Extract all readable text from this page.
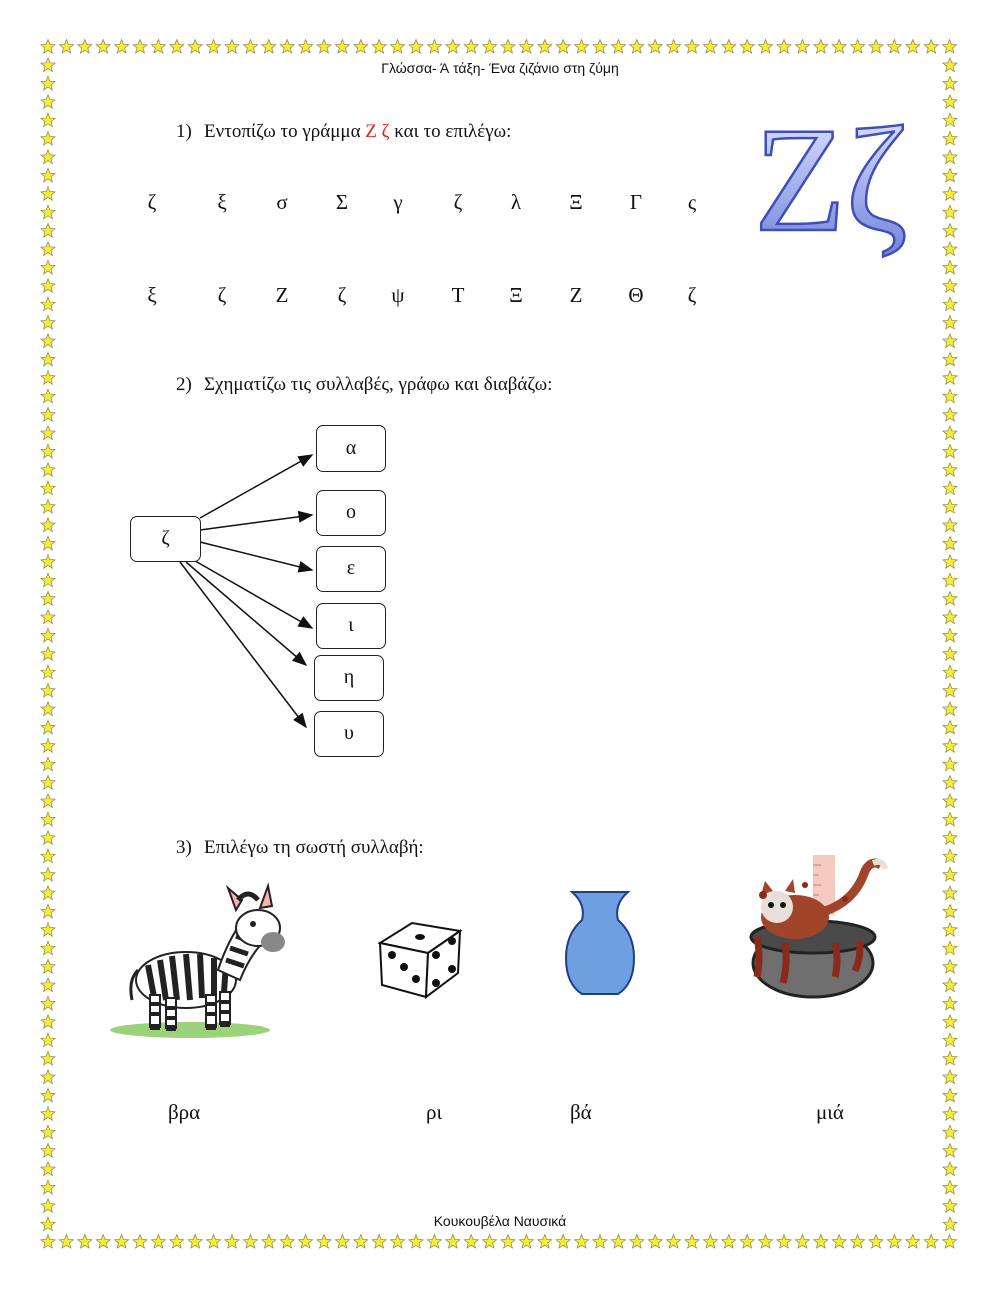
Γλώσσα- Ά τάξη- Ένα ζιζάνιο στη ζύμη
1) Εντοπίζω το γράμμα Ζ ζ και το επιλέγω:
ζ	ξ	σ	Σ	γ	ζ	λ	Ξ	Γ	ς
ξ	ζ	Ζ	ζ	ψ	Τ	Ξ	Ζ	Θ	ζ
Ζζ
2) Σχηματίζω τις συλλαβές, γράφω και διαβάζω:
ζ
α
ο
ε
ι
η
υ
3) Επιλέγω τη σωστή συλλαβή:
βρα	ρι	βά	μιά
Κουκουβέλα Ναυσικά
